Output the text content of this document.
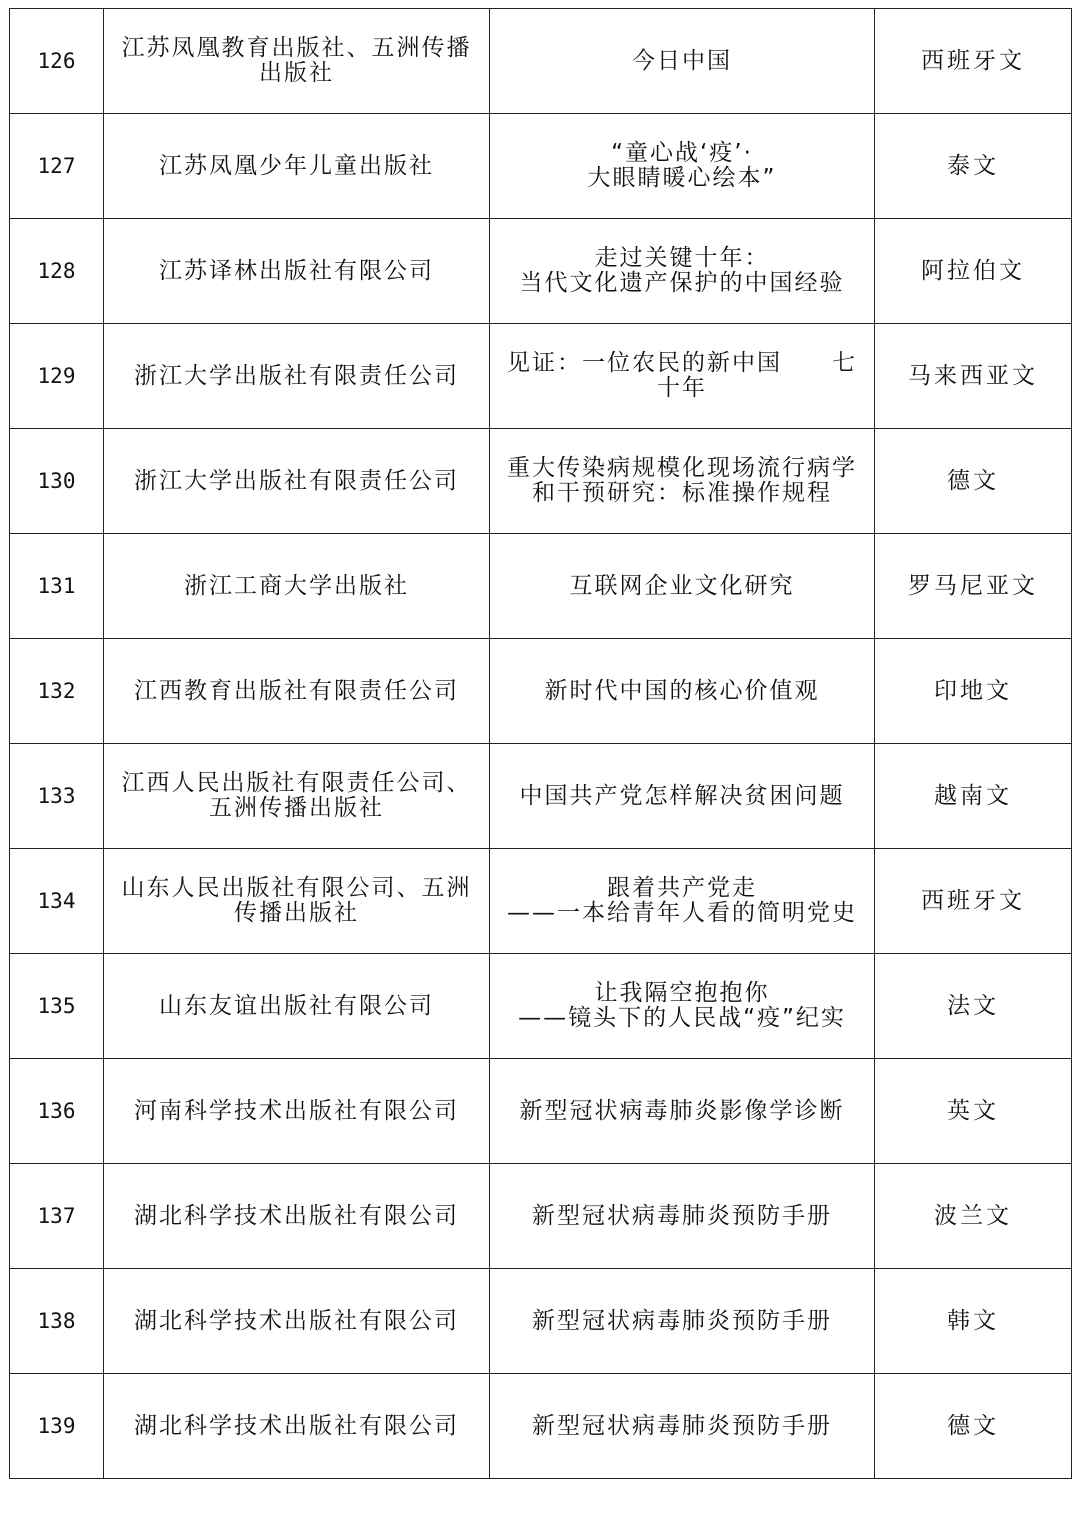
126	江苏凤凰教育出版社、五洲传播出版社	今日中国	西班牙文
127	江苏凤凰少年儿童出版社	“童心战‘疫’·
大眼睛暖心绘本”	泰文
128	江苏译林出版社有限公司	走过关键十年：
当代文化遗产保护的中国经验	阿拉伯文
129	浙江大学出版社有限责任公司	见证：一位农民的新中国　　七
十年	马来西亚文
130	浙江大学出版社有限责任公司	重大传染病规模化现场流行病学
和干预研究：标准操作规程	德文
131	浙江工商大学出版社	互联网企业文化研究	罗马尼亚文
132	江西教育出版社有限责任公司	新时代中国的核心价值观	印地文
133	江西人民出版社有限责任公司、五洲传播出版社	中国共产党怎样解决贫困问题	越南文
134	山东人民出版社有限公司、五洲传播出版社	跟着共产党走
——一本给青年人看的简明党史	西班牙文
135	山东友谊出版社有限公司	让我隔空抱抱你
——镜头下的人民战“疫”纪实	法文
136	河南科学技术出版社有限公司	新型冠状病毒肺炎影像学诊断	英文
137	湖北科学技术出版社有限公司	新型冠状病毒肺炎预防手册	波兰文
138	湖北科学技术出版社有限公司	新型冠状病毒肺炎预防手册	韩文
139	湖北科学技术出版社有限公司	新型冠状病毒肺炎预防手册	德文
